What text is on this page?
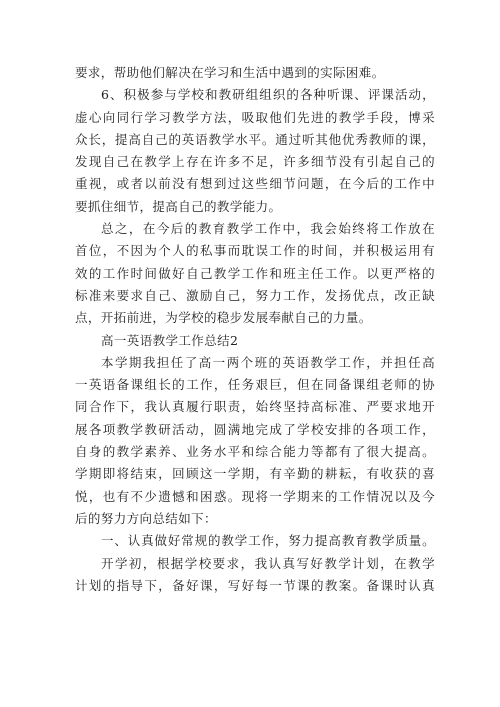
要求，帮助他们解决在学习和生活中遇到的实际困难。
6、积极参与学校和教研组组织的各种听课、评课活动，
虚心向同行学习教学方法，吸取他们先进的教学手段，博采
众长，提高自己的英语教学水平。通过听其他优秀教师的课，
发现自己在教学上存在许多不足，许多细节没有引起自己的
重视，或者以前没有想到过这些细节问题，在今后的工作中
要抓住细节，提高自己的教学能力。
总之，在今后的教育教学工作中，我会始终将工作放在
首位，不因为个人的私事而耽误工作的时间，并积极运用有
效的工作时间做好自己教学工作和班主任工作。以更严格的
标准来要求自己、激励自己，努力工作，发扬优点，改正缺
点，开拓前进，为学校的稳步发展奉献自己的力量。
高一英语教学工作总结2
本学期我担任了高一两个班的英语教学工作，并担任高
一英语备课组长的工作，任务艰巨，但在同备课组老师的协
同合作下，我认真履行职责，始终坚持高标准、严要求地开
展各项教学教研活动，圆满地完成了学校安排的各项工作，
自身的教学素养、业务水平和综合能力等都有了很大提高。
学期即将结束，回顾这一学期，有辛勤的耕耘，有收获的喜
悦，也有不少遗憾和困惑。现将一学期来的工作情况以及今
后的努力方向总结如下：
一、认真做好常规的教学工作，努力提高教育教学质量。
开学初，根据学校要求，我认真写好教学计划，在教学
计划的指导下，备好课，写好每一节课的教案。备课时认真
